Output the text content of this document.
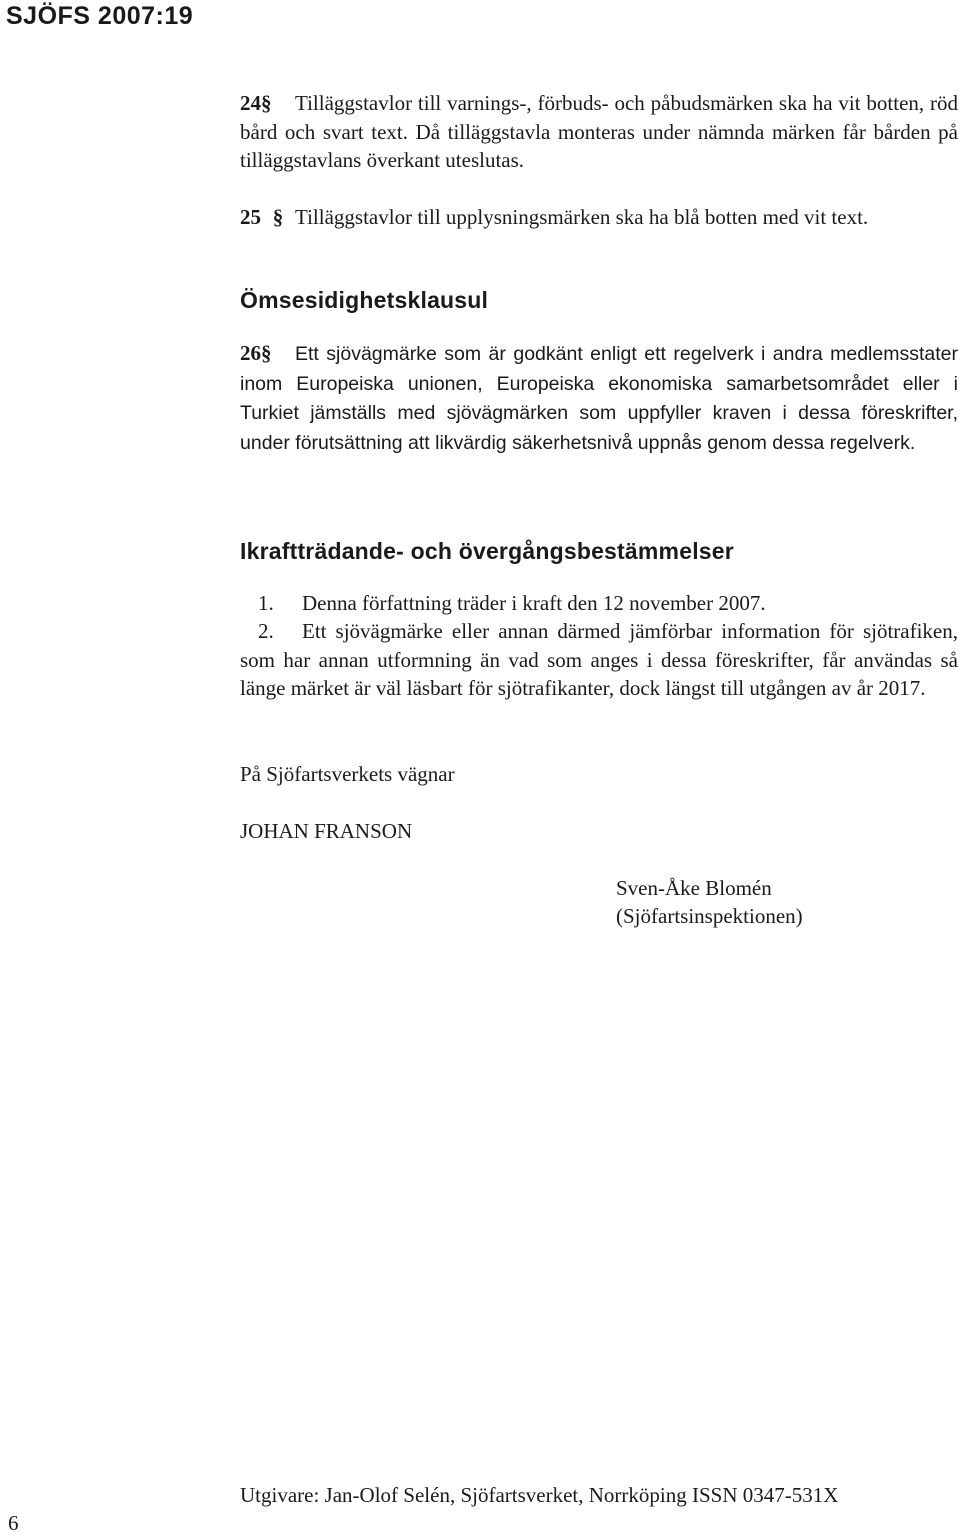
SJÖFS 2007:19
24§ Tilläggstavlor till varnings-, förbuds- och påbudsmärken ska ha vit botten, röd bård och svart text. Då tilläggstavla monteras under nämnda märken får bården på tilläggstavlans överkant uteslutas.
25 § Tilläggstavlor till upplysningsmärken ska ha blå botten med vit text.
Ömsesidighetsklausul
26§ Ett sjövägmärke som är godkänt enligt ett regelverk i andra medlemsstater inom Europeiska unionen, Europeiska ekonomiska samarbetsområdet eller i Turkiet jämställs med sjövägmärken som uppfyller kraven i dessa föreskrifter, under förutsättning att likvärdig säkerhetsnivå uppnås genom dessa regelverk.
Ikraftträdande- och övergångsbestämmelser
1. Denna författning träder i kraft den 12 november 2007.
2. Ett sjövägmärke eller annan därmed jämförbar information för sjötrafiken, som har annan utformning än vad som anges i dessa föreskrifter, får användas så länge märket är väl läsbart för sjötrafikanter, dock längst till utgången av år 2017.
På Sjöfartsverkets vägnar
JOHAN FRANSON
Sven-Åke Blomén
(Sjöfartsinspektionen)
Utgivare: Jan-Olof Selén, Sjöfartsverket, Norrköping ISSN 0347-531X
6
